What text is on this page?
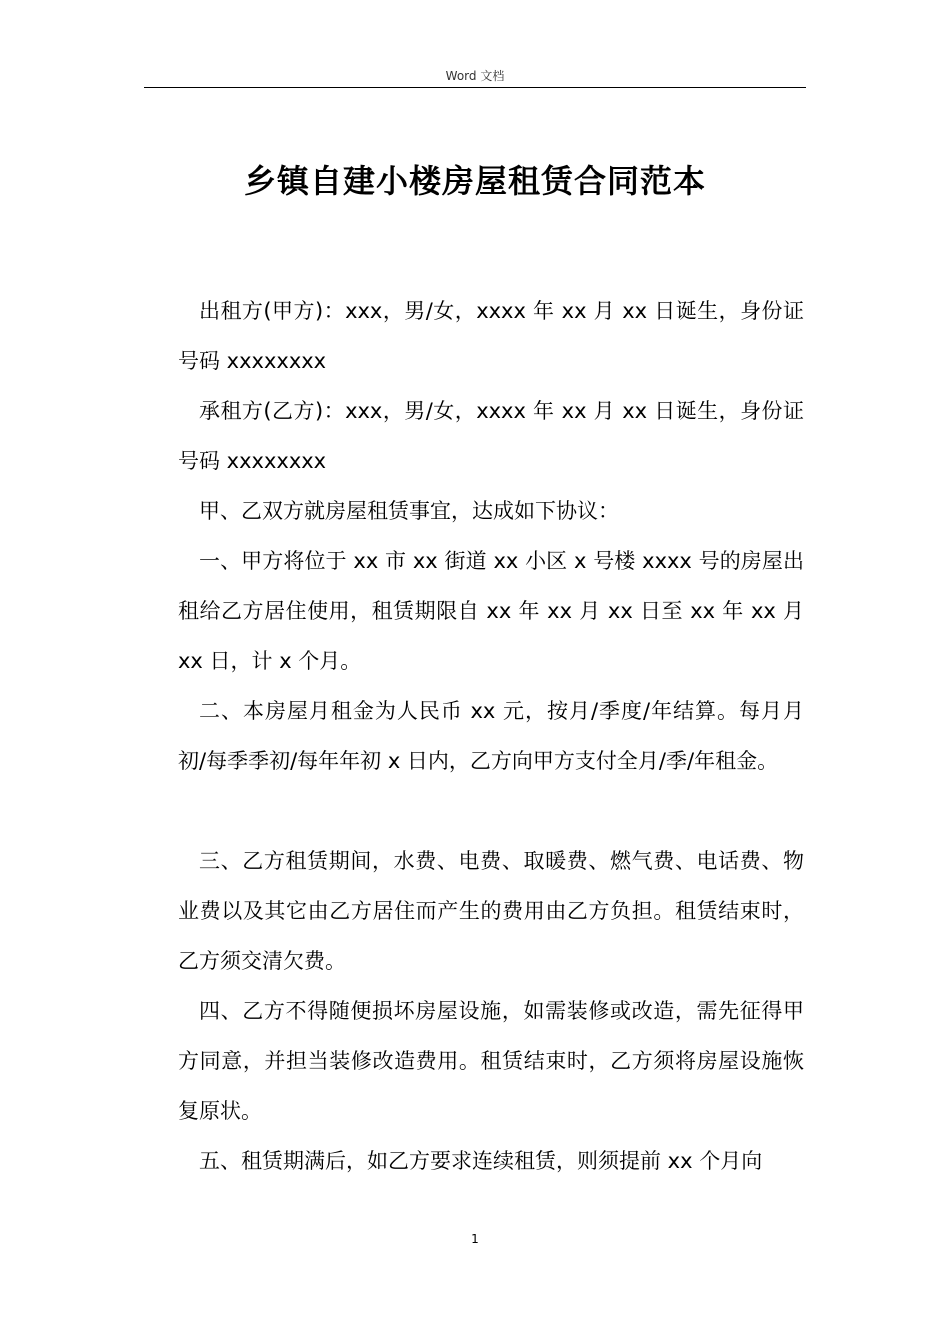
Word 文档
乡镇自建小楼房屋租赁合同范本

出租方(甲方)：xxx，男/女，xxxx 年 xx 月 xx 日诞生，身份证号码 xxxxxxxx

承租方(乙方)：xxx，男/女，xxxx 年 xx 月 xx 日诞生，身份证号码 xxxxxxxx

甲、乙双方就房屋租赁事宜，达成如下协议：

一、甲方将位于 xx 市 xx 街道 xx 小区 x 号楼 xxxx 号的房屋出租给乙方居住使用，租赁期限自 xx 年 xx 月 xx 日至 xx 年 xx 月 xx 日，计 x 个月。

二、本房屋月租金为人民币 xx 元，按月/季度/年结算。每月月初/每季季初/每年年初 x 日内，乙方向甲方支付全月/季/年租金。

三、乙方租赁期间，水费、电费、取暖费、燃气费、电话费、物业费以及其它由乙方居住而产生的费用由乙方负担。租赁结束时，乙方须交清欠费。

四、乙方不得随便损坏房屋设施，如需装修或改造，需先征得甲方同意，并担当装修改造费用。租赁结束时，乙方须将房屋设施恢复原状。

五、租赁期满后，如乙方要求连续租赁，则须提前 xx 个月向

1
